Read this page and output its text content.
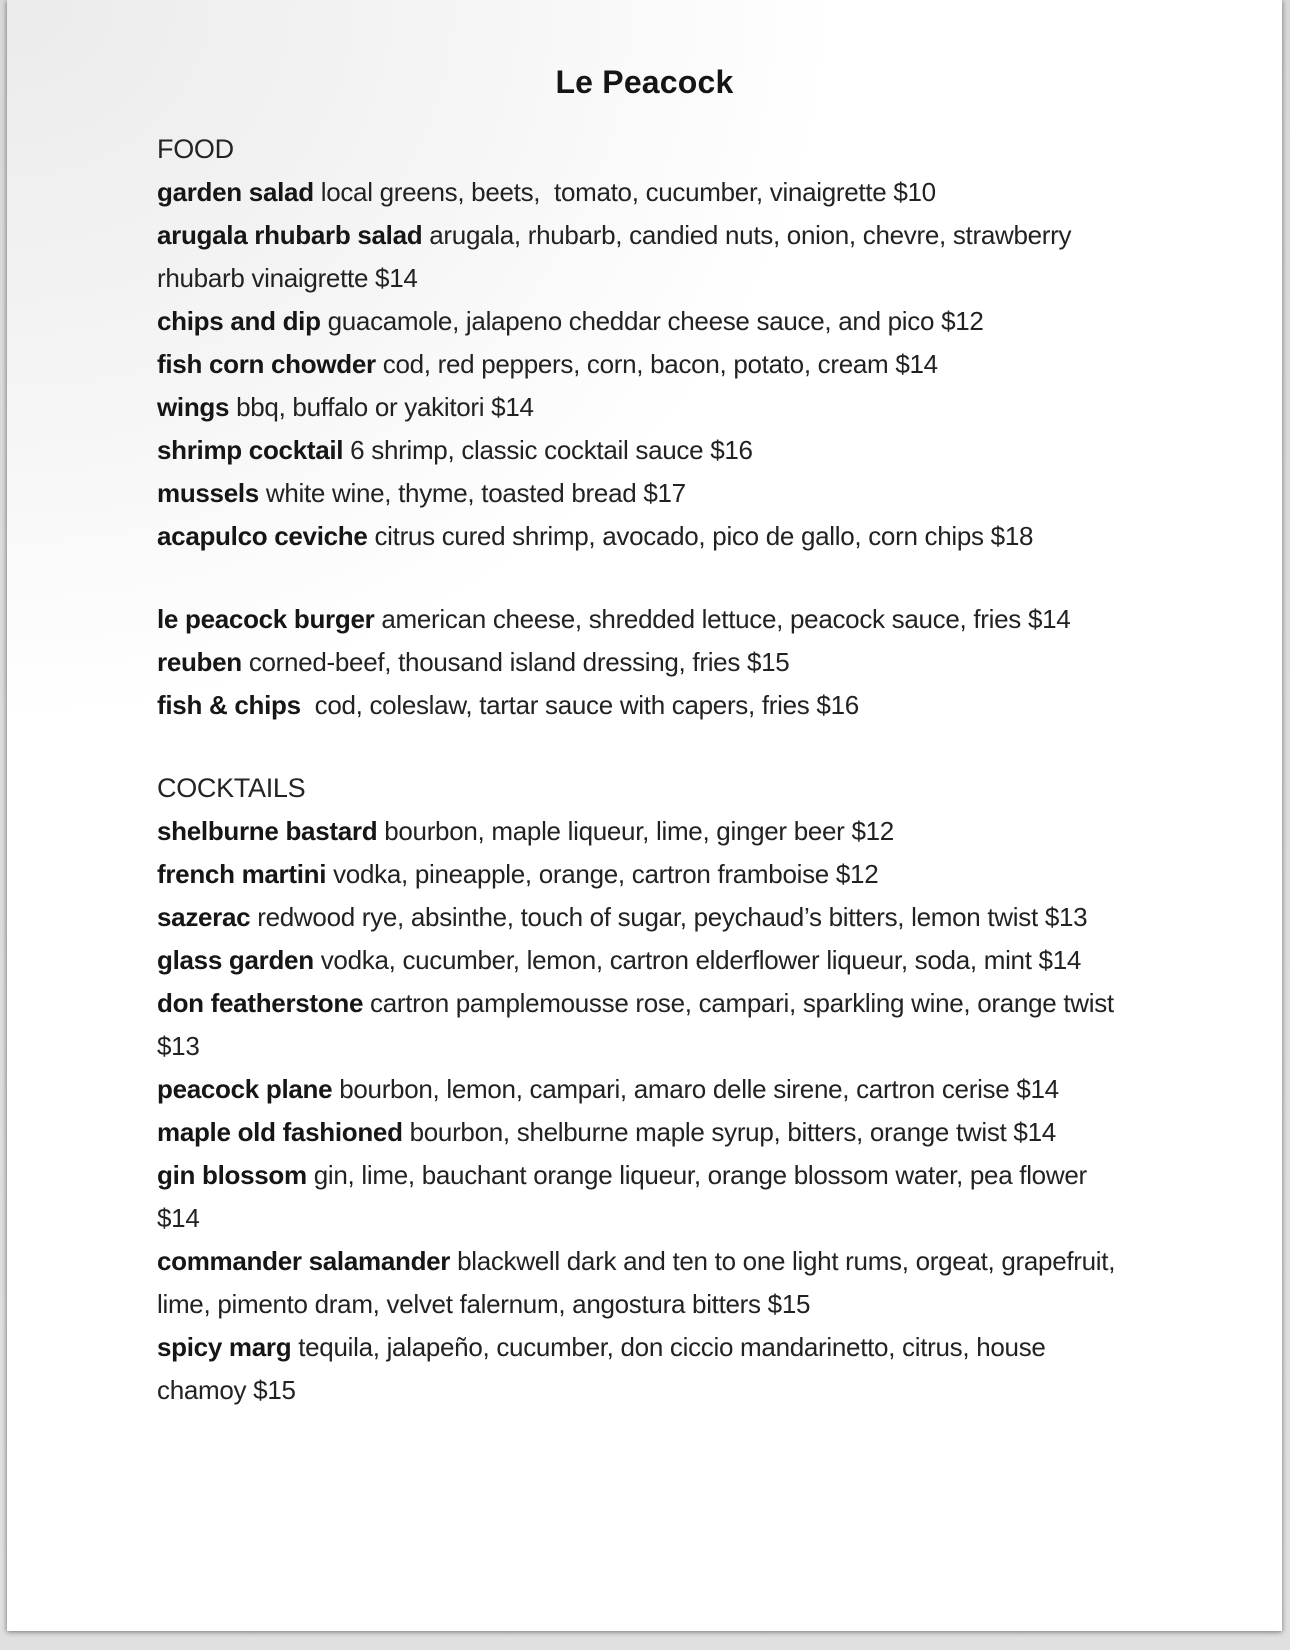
Le Peacock
FOOD
garden salad local greens, beets,  tomato, cucumber, vinaigrette $10
arugala rhubarb salad arugala, rhubarb, candied nuts, onion, chevre, strawberry rhubarb vinaigrette $14
chips and dip guacamole, jalapeno cheddar cheese sauce, and pico $12
fish corn chowder cod, red peppers, corn, bacon, potato, cream $14
wings bbq, buffalo or yakitori $14
shrimp cocktail 6 shrimp, classic cocktail sauce $16
mussels white wine, thyme, toasted bread $17
acapulco ceviche citrus cured shrimp, avocado, pico de gallo, corn chips $18
le peacock burger american cheese, shredded lettuce, peacock sauce, fries $14
reuben corned-beef, thousand island dressing, fries $15
fish & chips  cod, coleslaw, tartar sauce with capers, fries $16
COCKTAILS
shelburne bastard bourbon, maple liqueur, lime, ginger beer $12
french martini vodka, pineapple, orange, cartron framboise $12
sazerac redwood rye, absinthe, touch of sugar, peychaud’s bitters, lemon twist $13
glass garden vodka, cucumber, lemon, cartron elderflower liqueur, soda, mint $14
don featherstone cartron pamplemousse rose, campari, sparkling wine, orange twist $13
peacock plane bourbon, lemon, campari, amaro delle sirene, cartron cerise $14
maple old fashioned bourbon, shelburne maple syrup, bitters, orange twist $14
gin blossom gin, lime, bauchant orange liqueur, orange blossom water, pea flower $14
commander salamander blackwell dark and ten to one light rums, orgeat, grapefruit, lime, pimento dram, velvet falernum, angostura bitters $15
spicy marg tequila, jalapeño, cucumber, don ciccio mandarinetto, citrus, house chamoy $15
